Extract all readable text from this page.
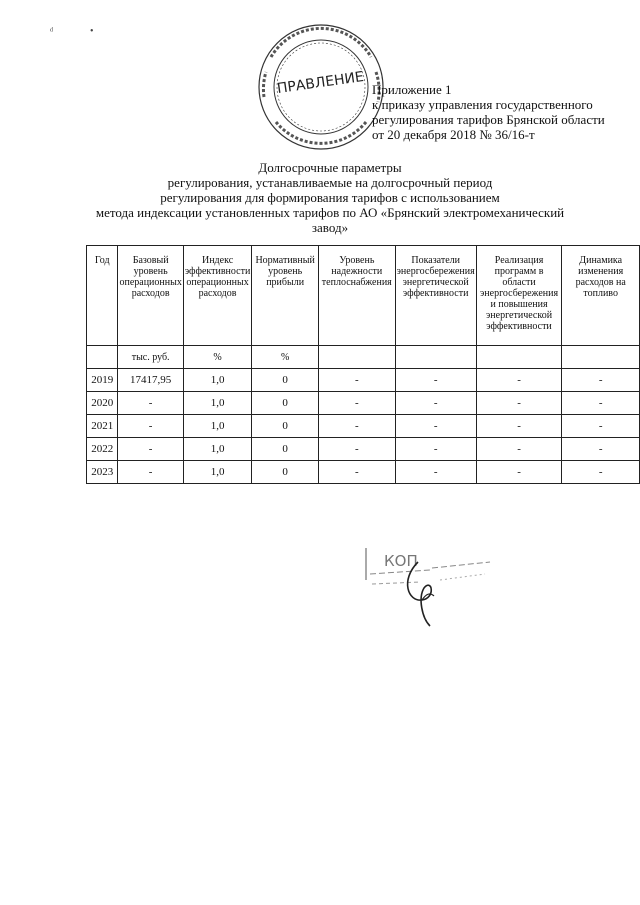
ᵈ	•
ПРАВЛЕНИЕ Приложение 1
к приказу управления государственного
регулирования тарифов Брянской области
от 20 декабря 2018 № 36/16-т
Долгосрочные параметры
регулирования, устанавливаемые на долгосрочный период
регулирования для формирования тарифов с использованием
метода индексации установленных тарифов по АО «Брянский электромеханический
завод»
Год	Базовый уровень операционных расходов	Индекс эффективности операционных расходов	Нормативный уровень прибыли	Уровень надежности теплоснабжения	Показатели энергосбережения энергетической эффективности	Реализация программ в области энергосбережения и повышения энергетической эффективности	Динамика изменения расходов на топливо
	тыс. руб.	%	%				
2019	17417,95	1,0	0	-	-	-	-
2020	-	1,0	0	-	-	-	-
2021	-	1,0	0	-	-	-	-
2022	-	1,0	0	-	-	-	-
2023	-	1,0	0	-	-	-	-
КОП
